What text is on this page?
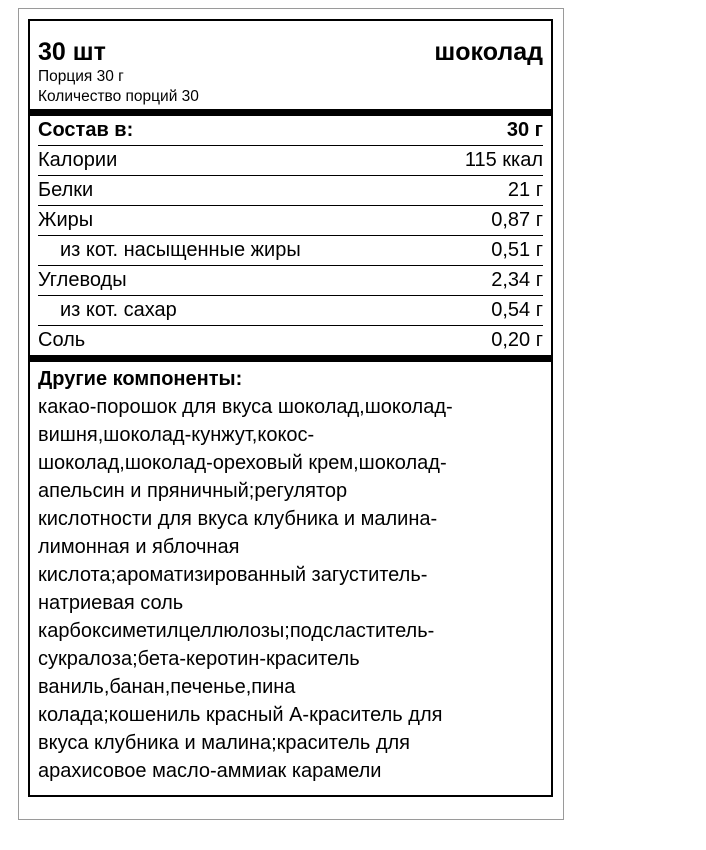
30 шт	шоколад
Порция 30 г
Количество порций 30
Состав в:	30 г
Калории	115 ккал
Белки	21 г
Жиры	0,87 г
из кот. насыщенные жиры	0,51 г
Углеводы	2,34 г
из кот. сахар	0,54 г
Соль	0,20 г
Другие компоненты:
какао-порошок для вкуса шоколад,шоколад-
вишня,шоколад-кунжут,кокос-
шоколад,шоколад-ореховый крем,шоколад-
апельсин и пряничный;регулятор
кислотности для вкуса клубника и малина-
лимонная и яблочная
кислота;ароматизированный загуститель-
натриевая соль
карбоксиметилцеллюлозы;подсластитель-
сукралоза;бета-керотин-краситель
ваниль,банан,печенье,пина
колада;кошениль красный А-краситель для
вкуса клубника и малина;краситель для
арахисовое масло-аммиак карамели
